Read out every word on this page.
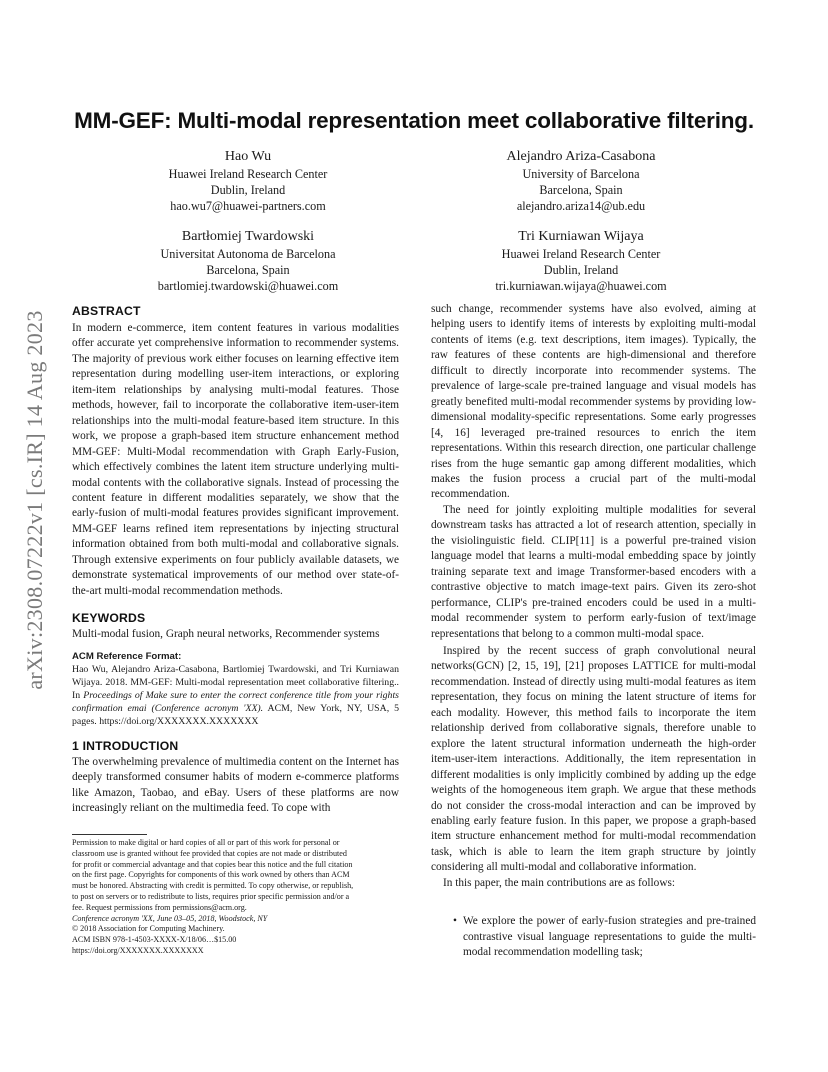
arXiv:2308.07222v1 [cs.IR] 14 Aug 2023
MM-GEF: Multi-modal representation meet collaborative filtering.
Hao Wu
Huawei Ireland Research Center
Dublin, Ireland
hao.wu7@huawei-partners.com
Alejandro Ariza-Casabona
University of Barcelona
Barcelona, Spain
alejandro.ariza14@ub.edu
Bartłomiej Twardowski
Universitat Autonoma de Barcelona
Barcelona, Spain
bartlomiej.twardowski@huawei.com
Tri Kurniawan Wijaya
Huawei Ireland Research Center
Dublin, Ireland
tri.kurniawan.wijaya@huawei.com
ABSTRACT

In modern e-commerce, item content features in various modalities offer accurate yet comprehensive information to recommender systems. The majority of previous work either focuses on learning effective item representation during modelling user-item interactions, or exploring item-item relationships by analysing multi-modal features. Those methods, however, fail to incorporate the collaborative item-user-item relationships into the multi-modal feature-based item structure. In this work, we propose a graph-based item structure enhancement method MM-GEF: Multi-Modal recommendation with Graph Early-Fusion, which effectively combines the latent item structure underlying multi-modal contents with the collaborative signals. Instead of processing the content feature in different modalities separately, we show that the early-fusion of multi-modal features provides significant improvement. MM-GEF learns refined item representations by injecting structural information obtained from both multi-modal and collaborative signals. Through extensive experiments on four publicly available datasets, we demonstrate systematical improvements of our method over state-of-the-art multi-modal recommendation methods.

KEYWORDS

Multi-modal fusion, Graph neural networks, Recommender systems

ACM Reference Format:

Hao Wu, Alejandro Ariza-Casabona, Bartlomiej Twardowski, and Tri Kurniawan Wijaya. 2018. MM-GEF: Multi-modal representation meet collaborative filtering.. In Proceedings of Make sure to enter the correct conference title from your rights confirmation emai (Conference acronym 'XX). ACM, New York, NY, USA, 5 pages. https://doi.org/XXXXXXX.XXXXXXX

1 INTRODUCTION

The overwhelming prevalence of multimedia content on the Internet has deeply transformed consumer habits of modern e-commerce platforms like Amazon, Taobao, and eBay. Users of these platforms are now increasingly reliant on the multimedia feed. To cope with

Permission to make digital or hard copies of all or part of this work for personal or
classroom use is granted without fee provided that copies are not made or distributed
for profit or commercial advantage and that copies bear this notice and the full citation
on the first page. Copyrights for components of this work owned by others than ACM
must be honored. Abstracting with credit is permitted. To copy otherwise, or republish,
to post on servers or to redistribute to lists, requires prior specific permission and/or a
fee. Request permissions from permissions@acm.org.
Conference acronym 'XX, June 03–05, 2018, Woodstock, NY
© 2018 Association for Computing Machinery.
ACM ISBN 978-1-4503-XXXX-X/18/06…$15.00
https://doi.org/XXXXXXX.XXXXXXX

such change, recommender systems have also evolved, aiming at helping users to identify items of interests by exploiting multi-modal contents of items (e.g. text descriptions, item images). Typically, the raw features of these contents are high-dimensional and therefore difficult to directly incorporate into recommender systems. The prevalence of large-scale pre-trained language and visual models has greatly benefited multi-modal recommender systems by providing low-dimensional modality-specific representations. Some early progresses [4, 16] leveraged pre-trained resources to enrich the item representations. Within this research direction, one particular challenge rises from the huge semantic gap among different modalities, which makes the fusion process a crucial part of the multi-modal recommendation.

The need for jointly exploiting multiple modalities for several downstream tasks has attracted a lot of research attention, specially in the visiolinguistic field. CLIP[11] is a powerful pre-trained vision language model that learns a multi-modal embedding space by jointly training separate text and image Transformer-based encoders with a contrastive objective to match image-text pairs. Given its zero-shot performance, CLIP's pre-trained encoders could be used in a multi-modal recommender system to perform early-fusion of text/image representations that belong to a common multi-modal space.

Inspired by the recent success of graph convolutional neural networks(GCN) [2, 15, 19], [21] proposes LATTICE for multi-modal recommendation. Instead of directly using multi-modal features as item representation, they focus on mining the latent structure of items for each modality. However, this method fails to incorporate the item relationship derived from collaborative signals, therefore unable to explore the latent structural information underneath the high-order item-user-item interactions. Additionally, the item representation in different modalities is only implicitly combined by adding up the edge weights of the homogeneous item graph. We argue that these methods do not consider the cross-modal interaction and can be improved by enabling early feature fusion. In this paper, we propose a graph-based item structure enhancement method for multi-modal recommendation task, which is able to learn the item graph structure by jointly considering all multi-modal and collaborative information.

In this paper, the main contributions are as follows:

• We explore the power of early-fusion strategies and pre-trained contrastive visual language representations to guide the multi-modal recommendation modelling task;
